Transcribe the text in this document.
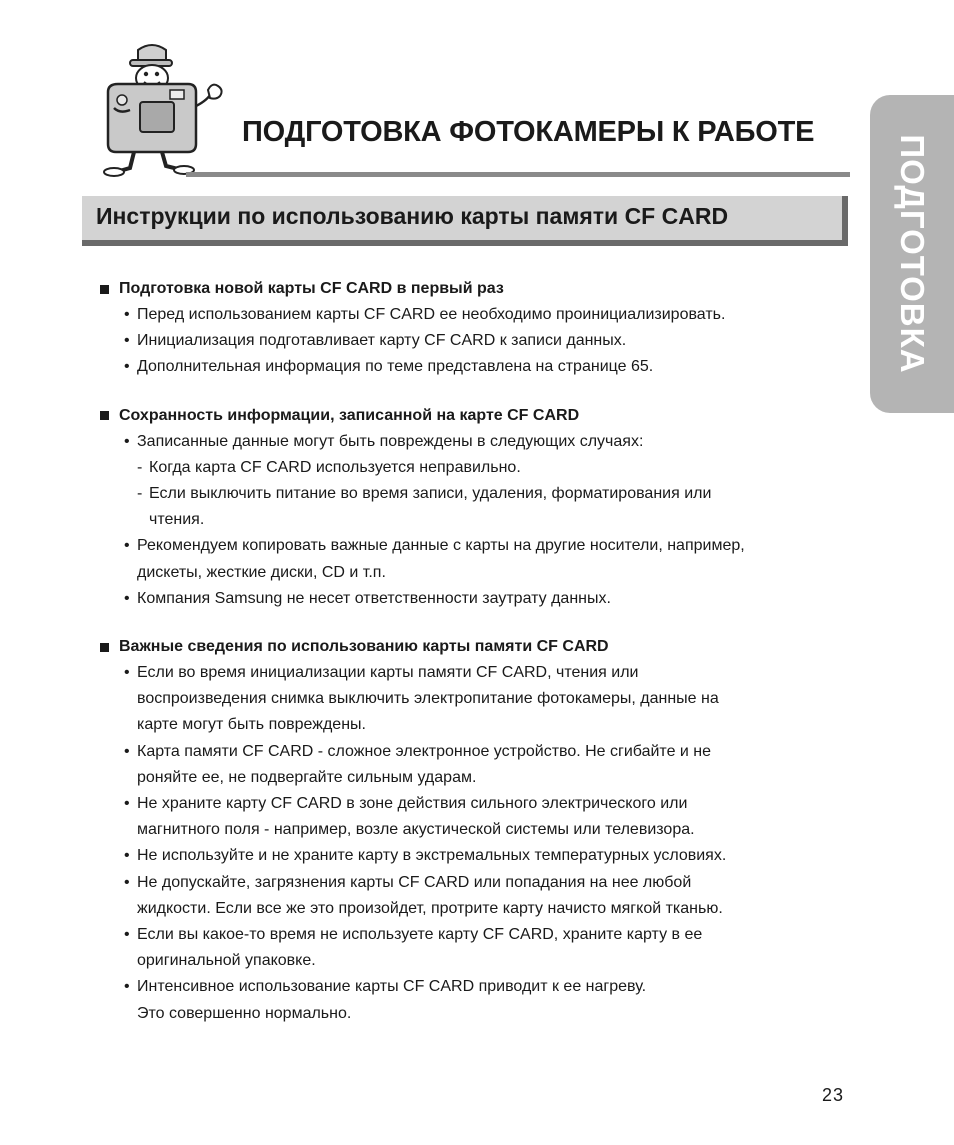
ПОДГОТОВКА ФОТОКАМЕРЫ К РАБОТЕ
ПОДГОТОВКА
Инструкции по использованию карты памяти CF CARD
Подготовка новой карты CF CARD в первый раз
• Перед использованием карты CF CARD ее необходимо проинициализировать.
• Инициализация подготавливает карту CF CARD к записи данных.
• Дополнительная информация по теме представлена на странице 65.
Сохранность информации, записанной на карте CF CARD
• Записанные данные могут быть повреждены в следующих случаях:
- Когда карта CF CARD используется неправильно.
- Если выключить питание во время записи, удаления, форматирования или
чтения.
• Рекомендуем копировать важные данные с карты на другие носители, например,
дискеты, жесткие диски, CD и т.п.
• Компания Samsung не несет ответственности заутрату данных.
Важные сведения по использованию карты памяти CF CARD
• Если во время инициализации карты памяти CF CARD, чтения или
воспроизведения снимка выключить электропитание фотокамеры, данные на
карте могут быть повреждены.
• Карта памяти CF CARD - сложное электронное устройство. Не сгибайте и не
роняйте ее, не подвергайте сильным ударам.
• Не храните карту CF CARD в зоне действия сильного электрического или
магнитного поля - например, возле акустической системы или телевизора.
• Не используйте и не храните карту в экстремальных температурных условиях.
• Не допускайте, загрязнения карты CF CARD или попадания на нее любой
жидкости. Если все же это произойдет, протрите карту начисто мягкой тканью.
• Если вы какое-то время не используете карту CF CARD, храните карту в ее
оригинальной упаковке.
• Интенсивное использование карты CF CARD приводит к ее нагреву.
Это совершенно нормально.
23
